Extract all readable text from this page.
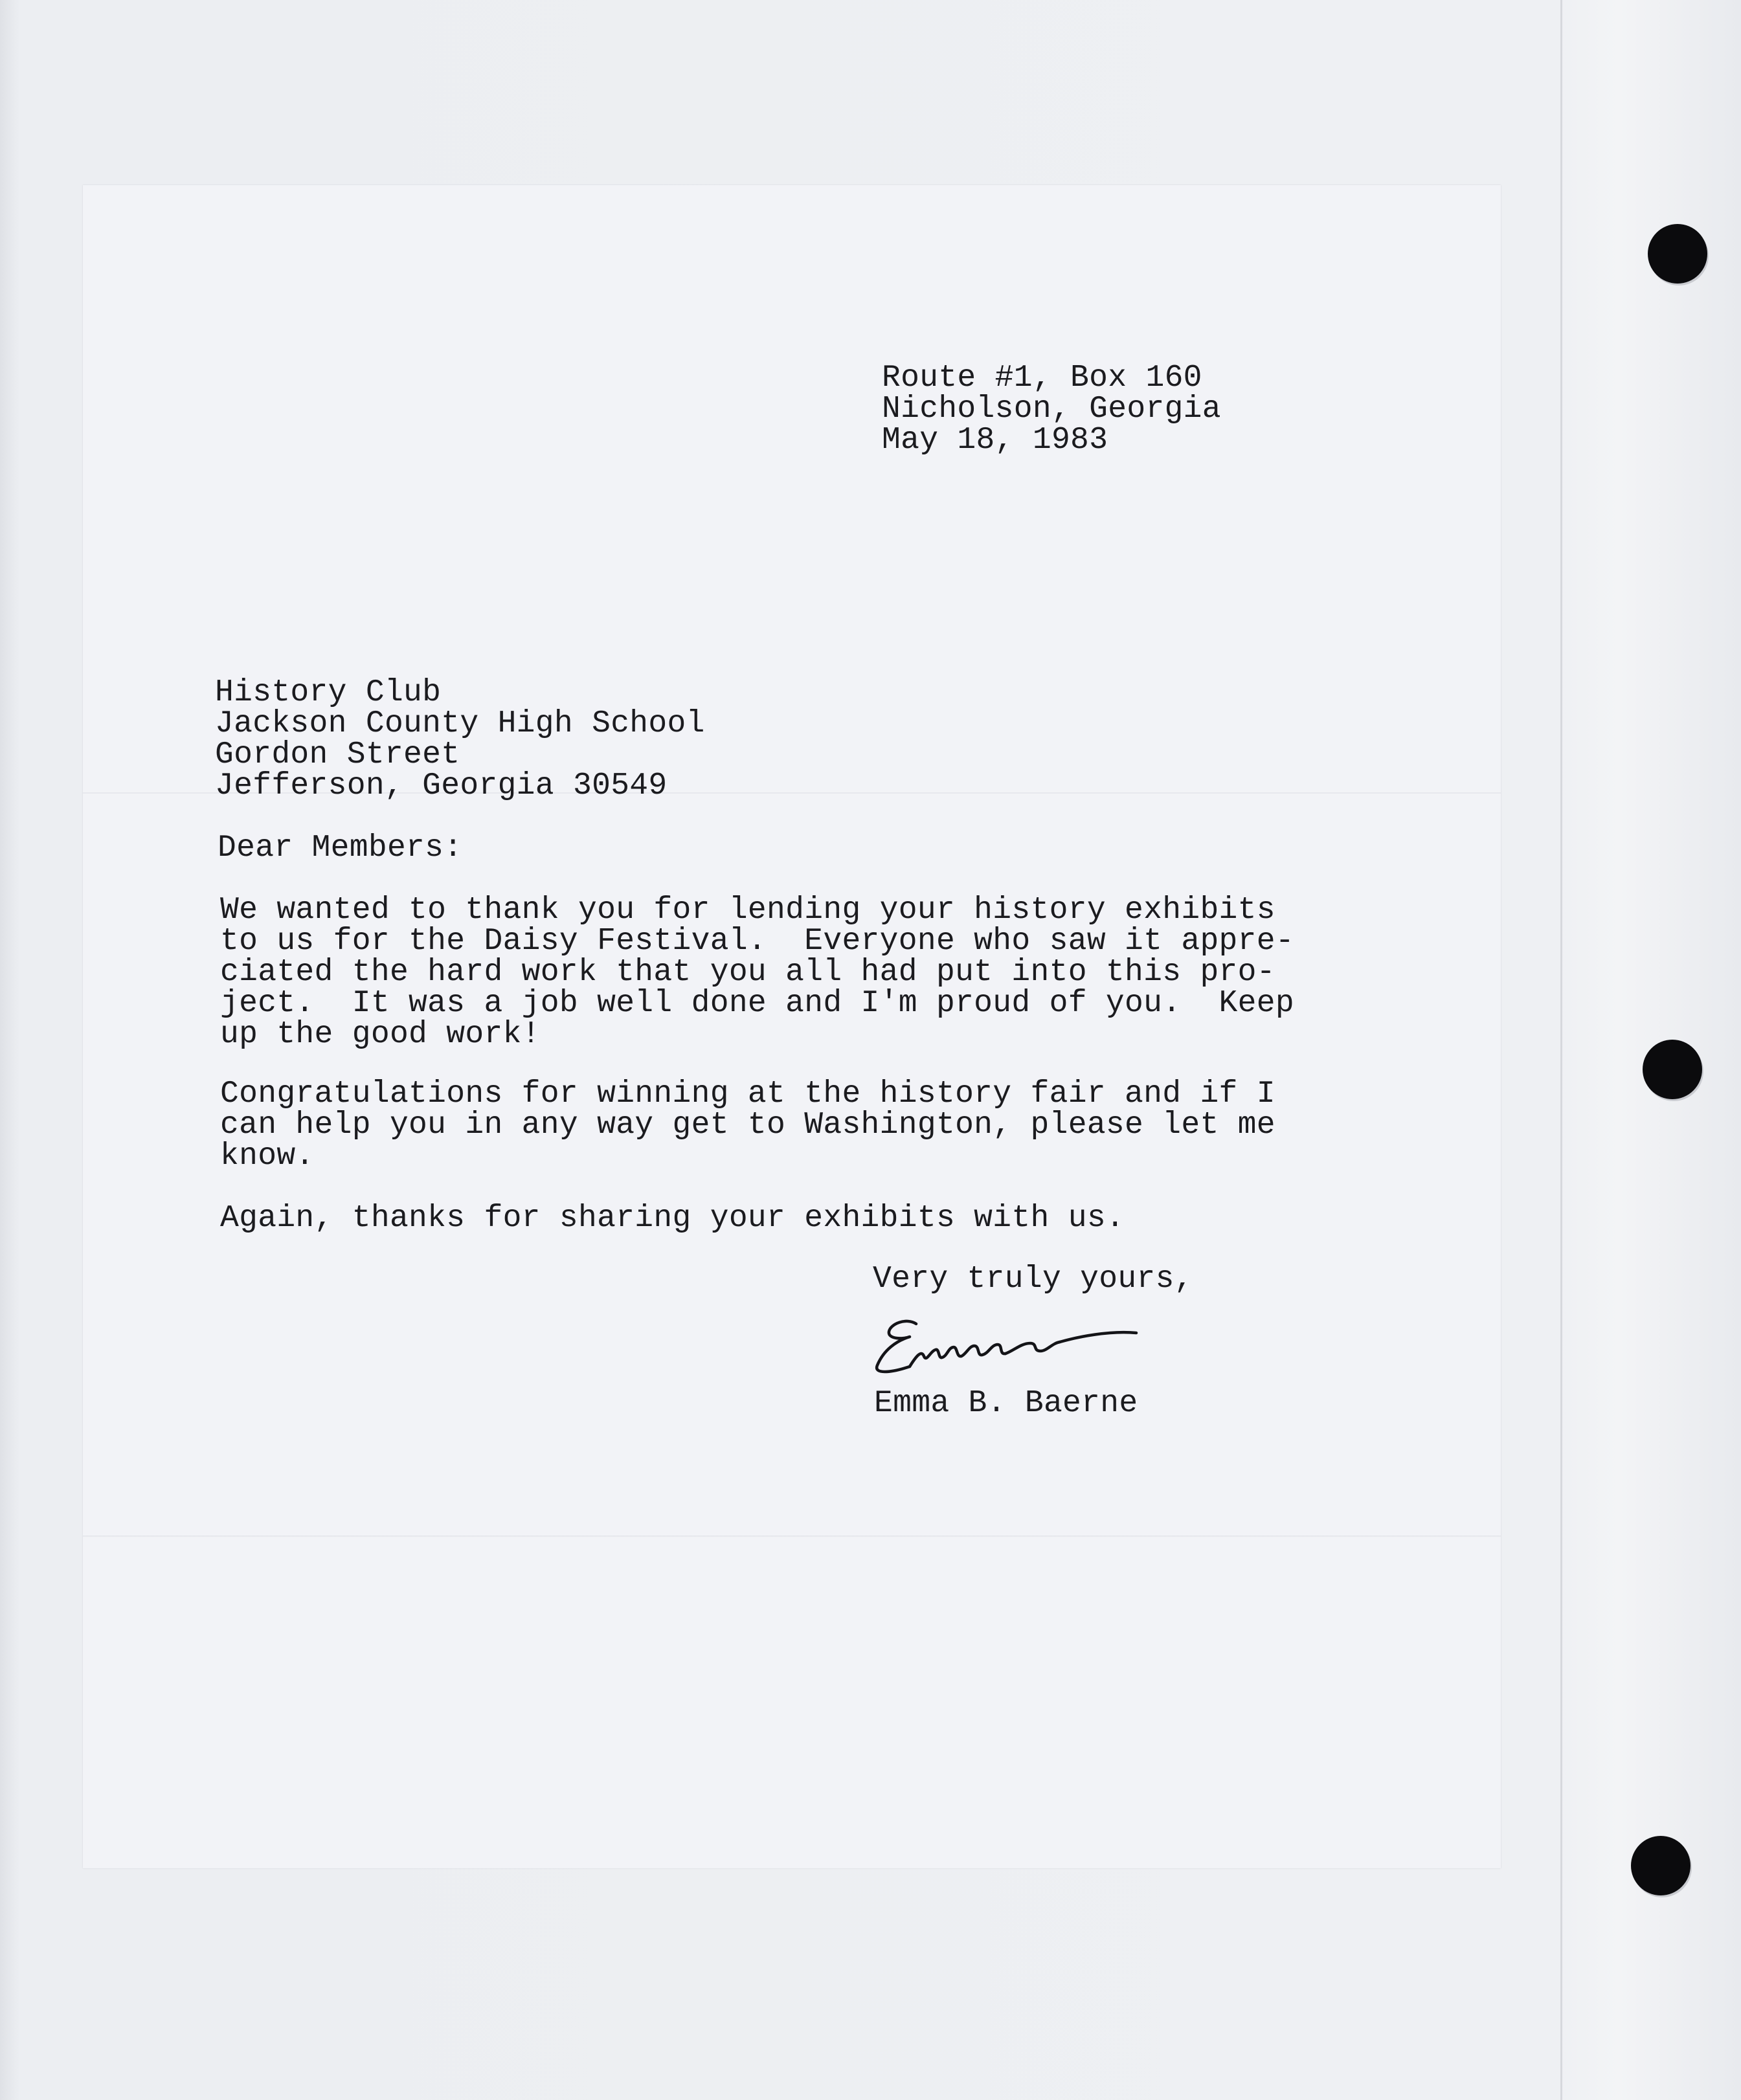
Route #1, Box 160

Nicholson, Georgia

May 18, 1983

History Club

Jackson County High School

Gordon Street

Jefferson, Georgia 30549

Dear Members:

We wanted to thank you for lending your history exhibits

to us for the Daisy Festival.  Everyone who saw it appre-

ciated the hard work that you all had put into this pro-

ject.  It was a job well done and I'm proud of you.  Keep

up the good work!

Congratulations for winning at the history fair and if I

can help you in any way get to Washington, please let me

know.

Again, thanks for sharing your exhibits with us.

Very truly yours,

Emma B. Baerne
